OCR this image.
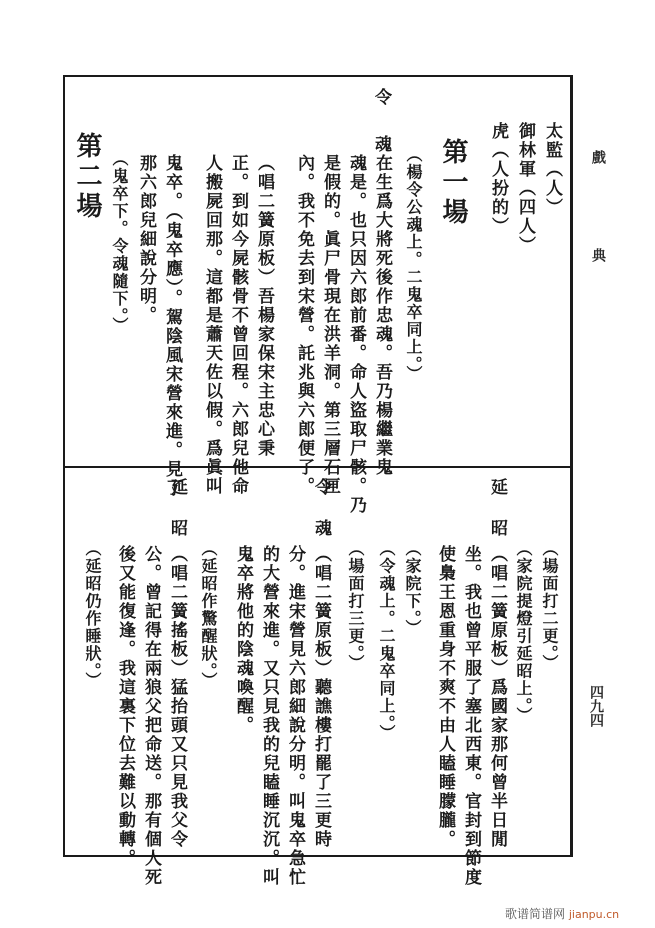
戲
典
四九四
太監（人）
御林軍（四人）
虎（人扮的）
第一場
（楊令公魂上。二鬼卒同上。）
令魂
在生爲大將死後作忠魂。吾乃楊繼業鬼
魂是。也只因六郎前番。命人盜取尸骸。乃
是假的。眞尸骨現在洪羊洞。第三層石匣
內。我不免去到宋營。託兆與六郎便了。
（唱二簧原板）吾楊家保宋主忠心秉
正。到如今屍骸骨不曾回程。六郎兒他命
人搬屍回那。這都是蕭天佐以假。爲眞叫
鬼卒。（鬼卒應）。駕陰風宋營來進。見了
那六郎兒細說分明。
（鬼卒下。令魂隨下。）
第二場
（場面打二更。）
（家院提燈引延昭上。）
延昭
（唱二簧原板）爲國家那何曾半日閒
坐。我也曾平服了塞北西東。官封到節度
使梟王恩重身不爽不由人瞌睡朦朧。
（家院下。）
（令魂上。二鬼卒同上。）
（場面打三更。）
令魂
（唱二簧原板）聽譙樓打罷了三更時
分。進宋營見六郎細說分明。叫鬼卒急忙
的大營來進。又只見我的兒瞌睡沉沉。叫
鬼卒將他的陰魂喚醒。
（延昭作驚醒狀。）
延昭
（唱二簧搖板）猛抬頭又只見我父令
公。曾記得在兩狼父把命送。那有個人死
後又能復逢。我這裏下位去難以動轉。
（延昭仍作睡狀。）
歌谱简谱网 jianpu.cn
